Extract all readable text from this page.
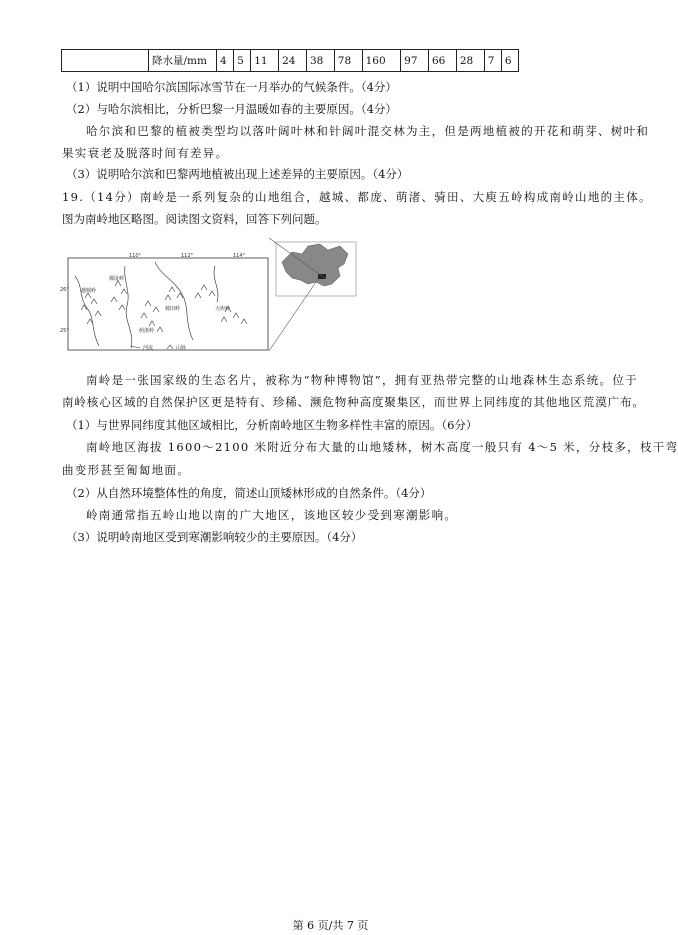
	降水量/mm	4	5	11	24	38	78	160	97	66	28	7	6
（1）说明中国哈尔滨国际冰雪节在一月举办的气候条件。（4分）
（2）与哈尔滨相比，分析巴黎一月温暖如春的主要原因。（4分）
哈尔滨和巴黎的植被类型均以落叶阔叶林和针阔叶混交林为主，但是两地植被的开花和萌芽、树叶和
果实衰老及脱落时间有差异。
（3）说明哈尔滨和巴黎两地植被出现上述差异的主要原因。（4分）
19.（14分）南岭是一系列复杂的山地组合，越城、都庞、萌渚、骑田、大庾五岭构成南岭山地的主体。
图为南岭地区略图。阅读图文资料，回答下列问题。
110°	112°	114°
26°
25°
越城岭
都庞岭
萌渚岭
骑田岭	大庾岭
河流	山脉
南岭是一张国家级的生态名片，被称为“物种博物馆”，拥有亚热带完整的山地森林生态系统。位于
南岭核心区域的自然保护区更是特有、珍稀、濒危物种高度聚集区，而世界上同纬度的其他地区荒漠广布。
（1）与世界同纬度其他区域相比，分析南岭地区生物多样性丰富的原因。（6分）
南岭地区海拔 1600～2100 米附近分布大量的山地矮林，树木高度一般只有 4～5 米，分枝多，枝干弯
曲变形甚至匍匐地面。
（2）从自然环境整体性的角度，简述山顶矮林形成的自然条件。（4分）
岭南通常指五岭山地以南的广大地区，该地区较少受到寒潮影响。
（3）说明岭南地区受到寒潮影响较少的主要原因。（4分）
第 6 页/共 7 页
